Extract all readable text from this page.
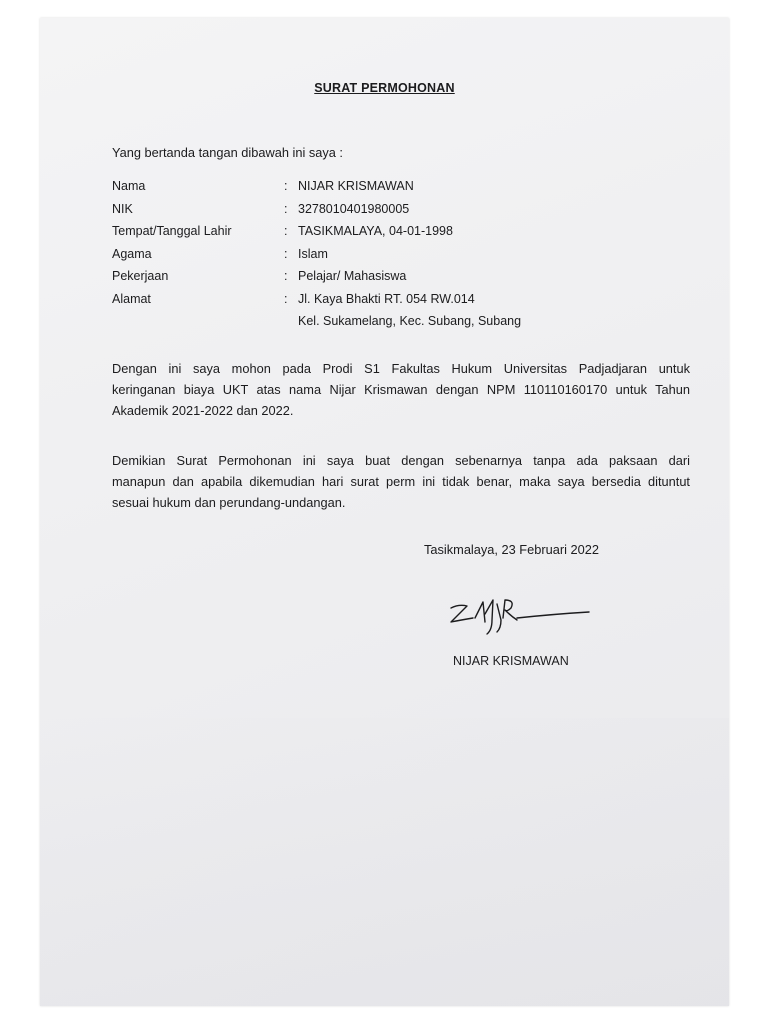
SURAT PERMOHONAN
Yang bertanda tangan dibawah ini saya :
Nama	: NIJAR KRISMAWAN
NIK	: 3278010401980005
Tempat/Tanggal Lahir	: TASIKMALAYA, 04-01-1998
Agama	: Islam
Pekerjaan	: Pelajar/ Mahasiswa
Alamat	: Jl. Kaya Bhakti RT. 054 RW.014
Kel. Sukamelang, Kec. Subang, Subang
Dengan ini saya mohon pada Prodi S1 Fakultas Hukum Universitas Padjadjaran untuk
keringanan biaya UKT atas nama Nijar Krismawan dengan NPM 110110160170 untuk Tahun
Akademik 2021-2022 dan 2022.
Demikian Surat Permohonan ini saya buat dengan sebenarnya tanpa ada paksaan dari
manapun dan apabila dikemudian hari surat perm ini tidak benar, maka saya bersedia dituntut
sesuai hukum dan perundang-undangan.
Tasikmalaya, 23 Februari 2022
NIJAR KRISMAWAN
